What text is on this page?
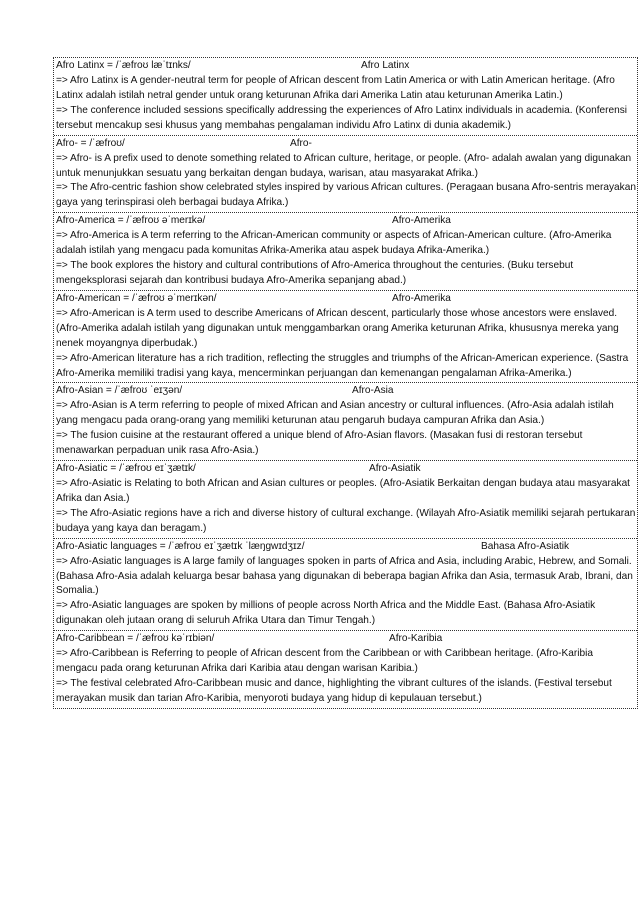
Afro Latinx = /ˈæfroʊ læˈtɪnks/	Afro Latinx

=> Afro Latinx is A gender-neutral term for people of African descent from Latin America or with Latin American heritage. (Afro Latinx adalah istilah netral gender untuk orang keturunan Afrika dari Amerika Latin atau keturunan Amerika Latin.)

=> The conference included sessions specifically addressing the experiences of Afro Latinx individuals in academia. (Konferensi tersebut mencakup sesi khusus yang membahas pengalaman individu Afro Latinx di dunia akademik.)

Afro- = /ˈæfroʊ/	Afro-

=> Afro- is A prefix used to denote something related to African culture, heritage, or people. (Afro- adalah awalan yang digunakan untuk menunjukkan sesuatu yang berkaitan dengan budaya, warisan, atau masyarakat Afrika.)

=> The Afro-centric fashion show celebrated styles inspired by various African cultures. (Peragaan busana Afro-sentris merayakan gaya yang terinspirasi oleh berbagai budaya Afrika.)

Afro-America = /ˈæfroʊ əˈmerɪkə/	Afro-Amerika

=> Afro-America is A term referring to the African-American community or aspects of African-American culture. (Afro-Amerika adalah istilah yang mengacu pada komunitas Afrika-Amerika atau aspek budaya Afrika-Amerika.)

=> The book explores the history and cultural contributions of Afro-America throughout the centuries. (Buku tersebut mengeksplorasi sejarah dan kontribusi budaya Afro-Amerika sepanjang abad.)

Afro-American = /ˈæfroʊ əˈmerɪkən/	Afro-Amerika

=> Afro-American is A term used to describe Americans of African descent, particularly those whose ancestors were enslaved. (Afro-Amerika adalah istilah yang digunakan untuk menggambarkan orang Amerika keturunan Afrika, khususnya mereka yang nenek moyangnya diperbudak.)

=> Afro-American literature has a rich tradition, reflecting the struggles and triumphs of the African-American experience. (Sastra Afro-Amerika memiliki tradisi yang kaya, mencerminkan perjuangan dan kemenangan pengalaman Afrika-Amerika.)

Afro-Asian = /ˈæfroʊ ˈeɪʒən/	Afro-Asia

=> Afro-Asian is A term referring to people of mixed African and Asian ancestry or cultural influences. (Afro-Asia adalah istilah yang mengacu pada orang-orang yang memiliki keturunan atau pengaruh budaya campuran Afrika dan Asia.)

=> The fusion cuisine at the restaurant offered a unique blend of Afro-Asian flavors. (Masakan fusi di restoran tersebut menawarkan perpaduan unik rasa Afro-Asia.)

Afro-Asiatic = /ˈæfroʊ eɪˈʒætɪk/	Afro-Asiatik

=> Afro-Asiatic is Relating to both African and Asian cultures or peoples. (Afro-Asiatik Berkaitan dengan budaya atau masyarakat Afrika dan Asia.)

=> The Afro-Asiatic regions have a rich and diverse history of cultural exchange. (Wilayah Afro-Asiatik memiliki sejarah pertukaran budaya yang kaya dan beragam.)

Afro-Asiatic languages = /ˈæfroʊ eɪˈʒætɪk ˈlæŋɡwɪdʒɪz/	Bahasa Afro-Asiatik

=> Afro-Asiatic languages is A large family of languages spoken in parts of Africa and Asia, including Arabic, Hebrew, and Somali. (Bahasa Afro-Asia adalah keluarga besar bahasa yang digunakan di beberapa bagian Afrika dan Asia, termasuk Arab, Ibrani, dan Somalia.)

=> Afro-Asiatic languages are spoken by millions of people across North Africa and the Middle East. (Bahasa Afro-Asiatik digunakan oleh jutaan orang di seluruh Afrika Utara dan Timur Tengah.)

Afro-Caribbean = /ˈæfroʊ kəˈrɪbiən/	Afro-Karibia

=> Afro-Caribbean is Referring to people of African descent from the Caribbean or with Caribbean heritage. (Afro-Karibia mengacu pada orang keturunan Afrika dari Karibia atau dengan warisan Karibia.)

=> The festival celebrated Afro-Caribbean music and dance, highlighting the vibrant cultures of the islands. (Festival tersebut merayakan musik dan tarian Afro-Karibia, menyoroti budaya yang hidup di kepulauan tersebut.)
